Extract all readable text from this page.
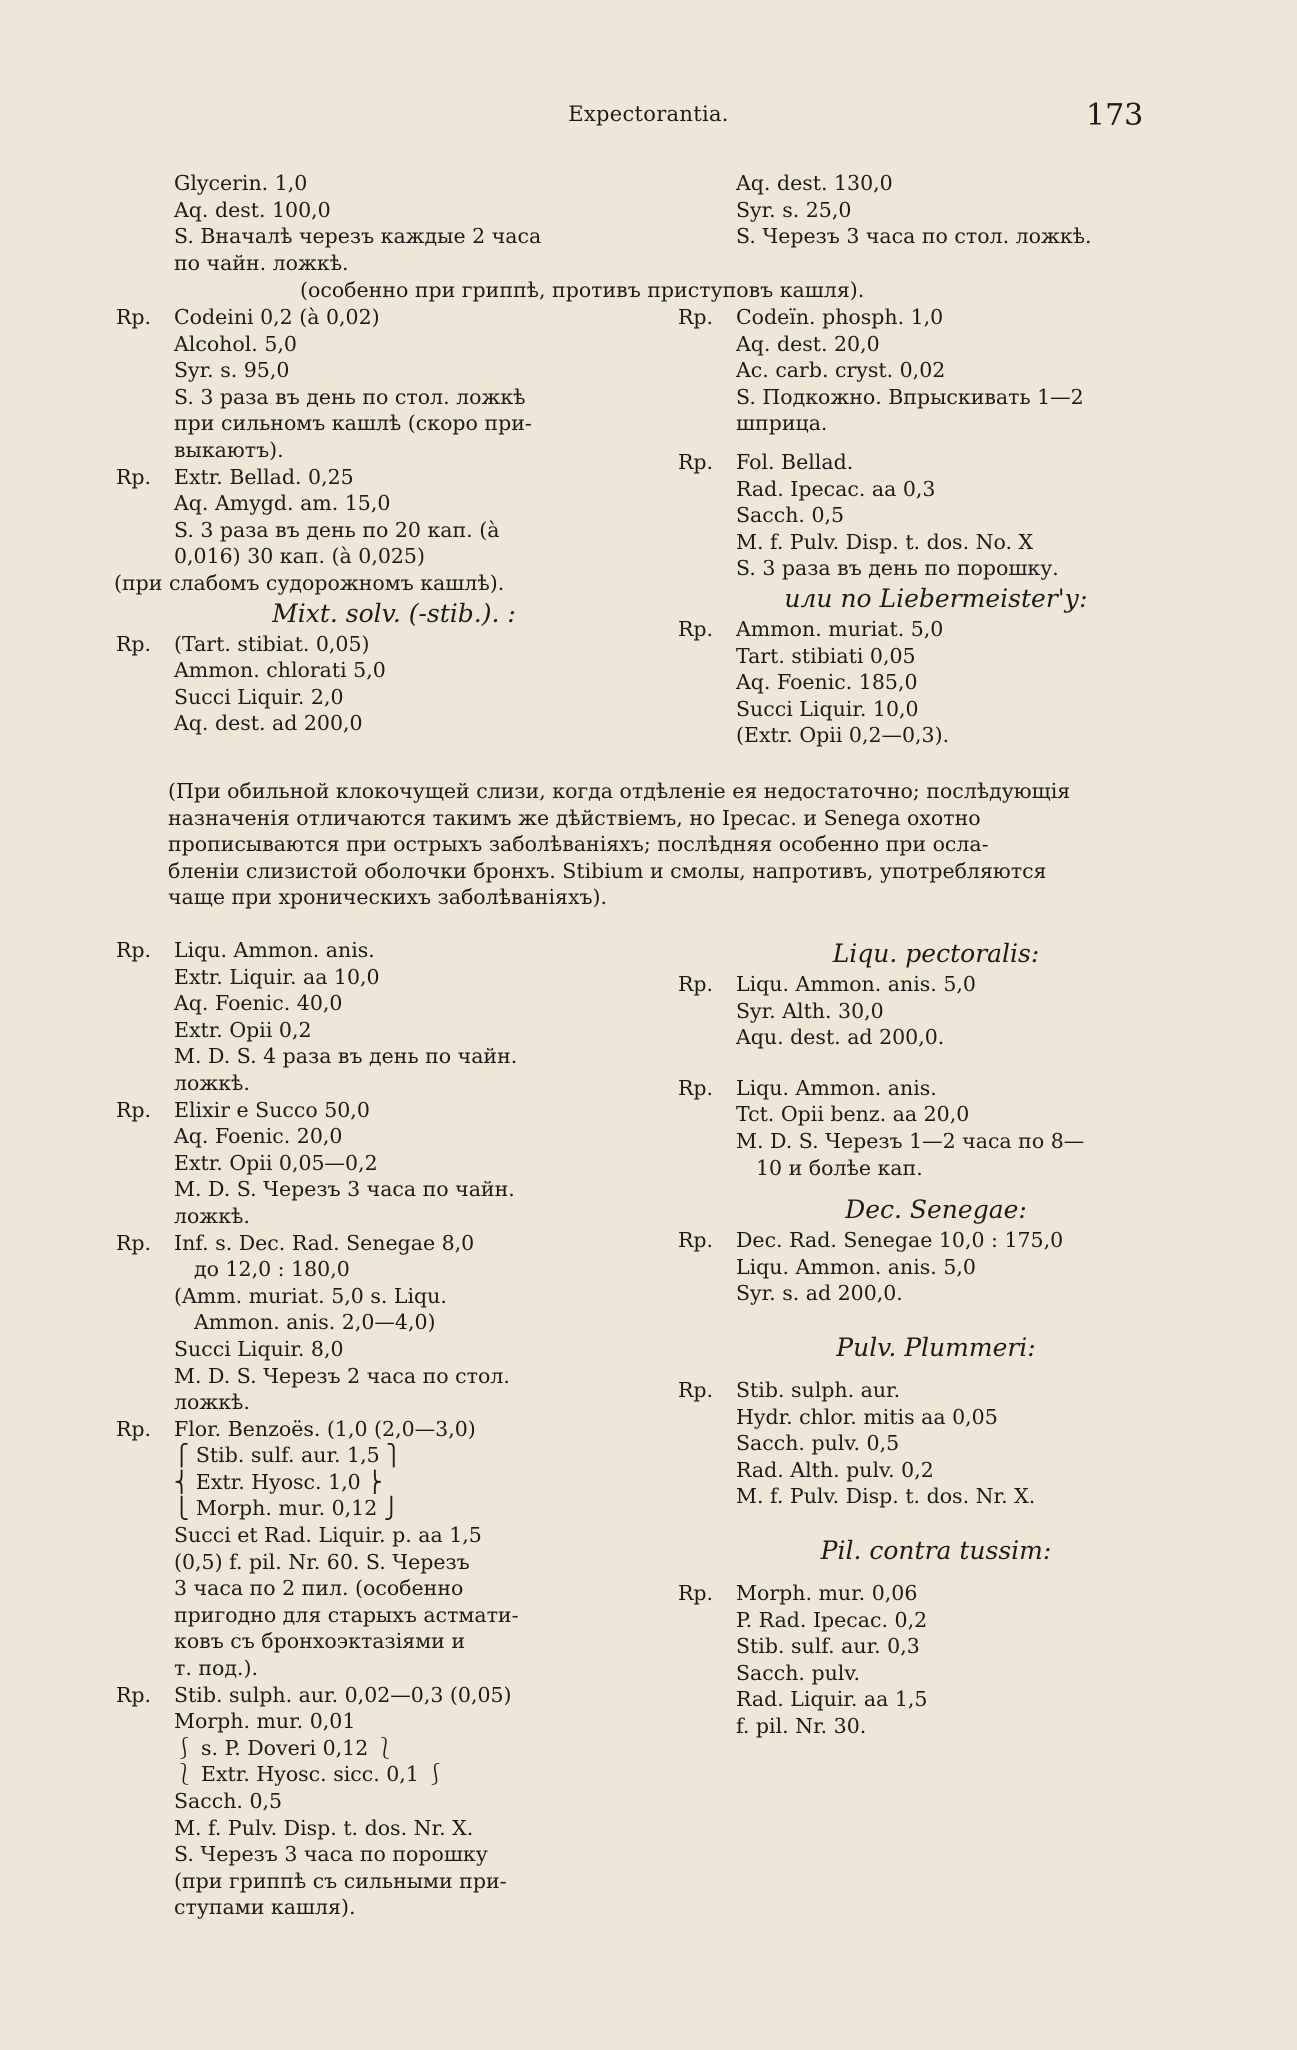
Expectorantia.	173
Glycerin. 1,0
Aq. dest. 100,0
S. Вначалѣ черезъ каждые 2 часа
по чайн. ложкѣ.
Aq. dest. 130,0
Syr. s. 25,0
S. Черезъ 3 часа по стол. ложкѣ.
(особенно при гриппѣ, противъ приступовъ кашля).
Rp. Codeini 0,2 (à 0,02)
Alcohol. 5,0
Syr. s. 95,0
S. 3 раза въ день по стол. ложкѣ
при сильномъ кашлѣ (скоро при-
выкаютъ).
Rp. Extr. Bellad. 0,25
Aq. Amygd. am. 15,0
S. 3 раза въ день по 20 кап. (à
0,016) 30 кап. (à 0,025)
(при слабомъ судорожномъ кашлѣ).
Mixt. solv. (-stib.). :
Rp. (Tart. stibiat. 0,05)
Ammon. chlorati 5,0
Succi Liquir. 2,0
Aq. dest. ad 200,0
Rp. Codeïn. phosph. 1,0
Aq. dest. 20,0
Ac. carb. cryst. 0,02
S. Подкожно. Впрыскивать 1—2
шприца.
Rp. Fol. Bellad.
Rad. Ipecac. aa 0,3
Sacch. 0,5
M. f. Pulv. Disp. t. dos. No. X
S. 3 раза въ день по порошку.
или по Liebermeister'у:
Rp. Ammon. muriat. 5,0
Tart. stibiati 0,05
Aq. Foenic. 185,0
Succi Liquir. 10,0
(Extr. Opii 0,2—0,3).
(При обильной клокочущей слизи, когда отдѣленіе ея недостаточно; послѣдующія
назначенія отличаются такимъ же дѣйствіемъ, но Ipecac. и Senega охотно
прописываются при острыхъ заболѣваніяхъ; послѣдняя особенно при ослa-
бленіи слизистой оболочки бронхъ. Stibium и смолы, напротивъ, употребляются
чаще при хроническихъ заболѣваніяхъ).
Rp. Liqu. Ammon. anis.
Extr. Liquir. aa 10,0
Aq. Foenic. 40,0
Extr. Opii 0,2
M. D. S. 4 раза въ день по чайн.
ложкѣ.
Rp. Elixir e Succo 50,0
Aq. Foenic. 20,0
Extr. Opii 0,05—0,2
M. D. S. Черезъ 3 часа по чайн.
ложкѣ.
Rp. Inf. s. Dec. Rad. Senegae 8,0
до 12,0 : 180,0
(Amm. muriat. 5,0 s. Liqu.
Ammon. anis. 2,0—4,0)
Succi Liquir. 8,0
M. D. S. Черезъ 2 часа по стол.
ложкѣ.
Rp. Flor. Benzoës. (1,0 (2,0—3,0)
⎧ Stib. sulf. aur. 1,5 ⎫
⎨ Extr. Hyosc. 1,0 ⎬
⎩ Morph. mur. 0,12 ⎭
Succi et Rad. Liquir. p. aa 1,5
(0,5) f. pil. Nr. 60. S. Черезъ
3 часа по 2 пил. (особенно
пригодно для старыхъ астмати-
ковъ съ бронхоэктазіями и
т. под.).
Rp. Stib. sulph. aur. 0,02—0,3 (0,05)
Morph. mur. 0,01
⎰ s. P. Doveri 0,12 ⎱
⎱ Extr. Hyosc. sicc. 0,1 ⎰
Sacch. 0,5
M. f. Pulv. Disp. t. dos. Nr. X.
S. Черезъ 3 часа по порошку
(при гриппѣ съ сильными при-
ступами кашля).
Liqu. pectoralis:
Rp. Liqu. Ammon. anis. 5,0
Syr. Alth. 30,0
Aqu. dest. ad 200,0.
Rp. Liqu. Ammon. anis.
Tct. Opii benz. aa 20,0
M. D. S. Черезъ 1—2 часа по 8—
10 и болѣе кап.
Dec. Senegae:
Rp. Dec. Rad. Senegae 10,0 : 175,0
Liqu. Ammon. anis. 5,0
Syr. s. ad 200,0.
Pulv. Plummeri:
Rp. Stib. sulph. aur.
Hydr. chlor. mitis aa 0,05
Sacch. pulv. 0,5
Rad. Alth. pulv. 0,2
M. f. Pulv. Disp. t. dos. Nr. X.
Pil. contra tussim:
Rp. Morph. mur. 0,06
P. Rad. Ipecac. 0,2
Stib. sulf. aur. 0,3
Sacch. pulv.
Rad. Liquir. aa 1,5
f. pil. Nr. 30.
